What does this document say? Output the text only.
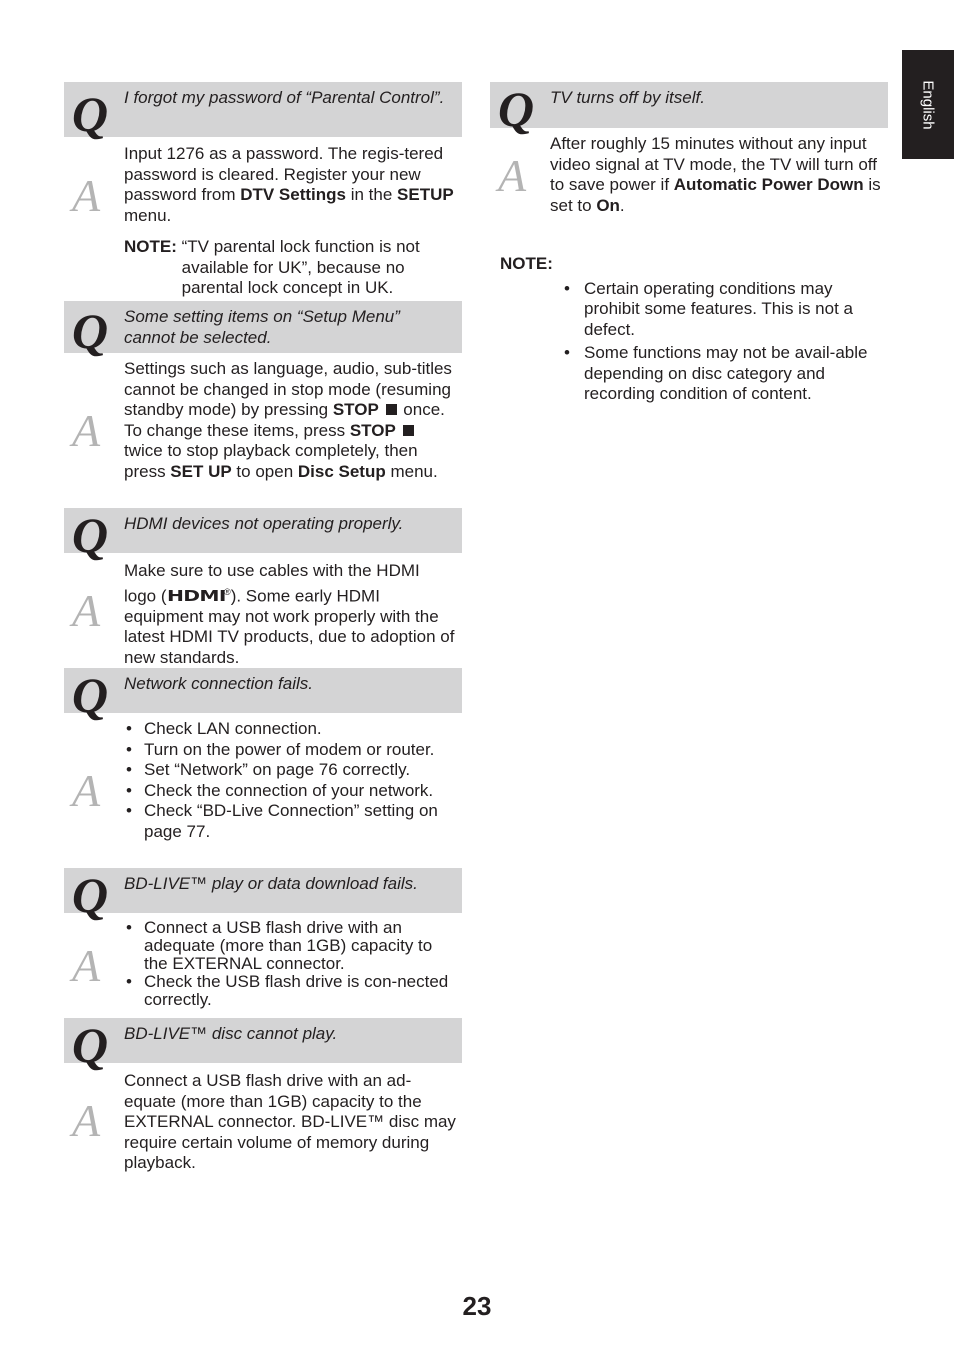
English
Q I forgot my password of “Parental Control”.
A
Input 1276 as a password. The regis-tered password is cleared. Register your new password from DTV Settings in the SETUP menu.
NOTE: “TV parental lock function is not available for UK”, because no parental lock concept in UK.
Q Some setting items on “Setup Menu” cannot be selected.
A
Settings such as language, audio, sub-titles cannot be changed in stop mode (resuming standby mode) by pressing STOP  once. To change these items, press STOP  twice to stop playback completely, then press SET UP to open Disc Setup menu.
Q HDMI devices not operating properly.
A
Make sure to use cables with the HDMI logo (HDMI®). Some early HDMI equipment may not work properly with the latest HDMI TV products, due to adoption of new standards.
Q Network connection fails.
A
• Check LAN connection.
• Turn on the power of modem or router.
• Set “Network” on page 76 correctly.
• Check the connection of your network.
• Check “BD-Live Connection” setting on page 77.
Q BD-LIVE™ play or data download fails.
A
• Connect a USB flash drive with an adequate (more than 1GB) capacity to the EXTERNAL connector.
• Check the USB flash drive is con-nected correctly.
Q BD-LIVE™ disc cannot play.
A
Connect a USB flash drive with an ad-equate (more than 1GB) capacity to the EXTERNAL connector. BD-LIVE™ disc may require certain volume of memory during playback.
Q TV turns off by itself.
A
After roughly 15 minutes without any input video signal at TV mode, the TV will turn off to save power if Automatic Power Down is set to On.
NOTE:
• Certain operating conditions may prohibit some features. This is not a defect.
• Some functions may not be avail-able depending on disc category and recording condition of content.
23
